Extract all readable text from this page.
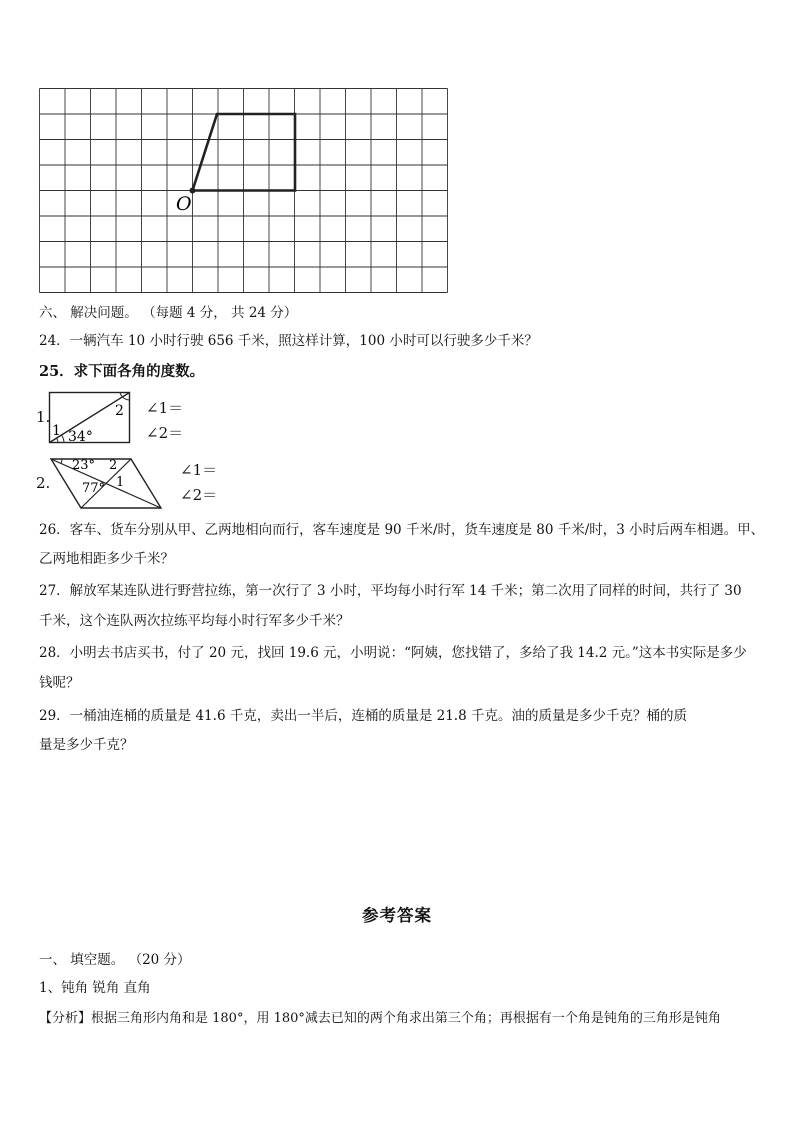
O
六、 解决问题。 （每题 4 分， 共 24 分）
24．一辆汽车 10 小时行驶 656 千米，照这样计算，100 小时可以行驶多少千米？
25．求下面各角的度数。
1.
1 34°
2 ∠1＝
∠2＝
2.
23° 2
77° 1
∠1＝
∠2＝
26．客车、货车分别从甲、乙两地相向而行，客车速度是 90 千米/时，货车速度是 80 千米/时，3 小时后两车相遇。甲、
乙两地相距多少千米？
27．解放军某连队进行野营拉练，第一次行了 3 小时，平均每小时行军 14 千米；第二次用了同样的时间，共行了 30
千米，这个连队两次拉练平均每小时行军多少千米？
28．小明去书店买书，付了 20 元，找回 19.6 元，小明说：“阿姨，您找错了，多给了我 14.2 元。”这本书实际是多少
钱呢？
29．一桶油连桶的质量是 41.6 千克，卖出一半后，连桶的质量是 21.8 千克。油的质量是多少千克？桶的质
量是多少千克？
参考答案
一、 填空题。 （20 分）
1、钝角 锐角 直角
【分析】根据三角形内角和是 180°，用 180°减去已知的两个角求出第三个角；再根据有一个角是钝角的三角形是钝角
